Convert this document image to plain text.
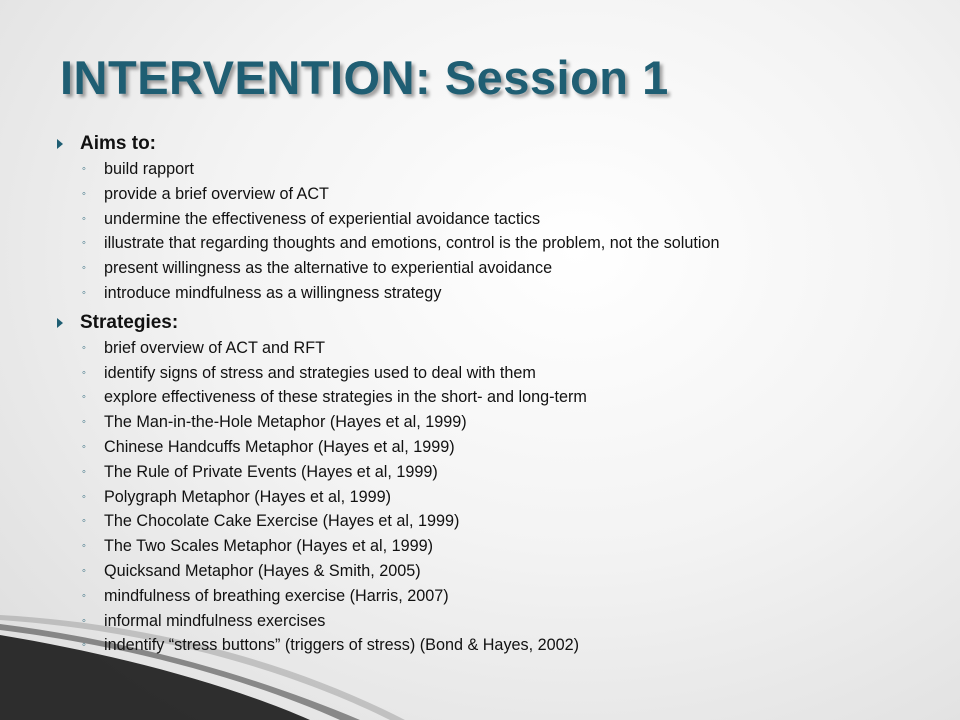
INTERVENTION: Session 1
Aims to:
◦ build rapport
◦ provide a brief overview of ACT
◦ undermine the effectiveness of experiential avoidance tactics
◦ illustrate that regarding thoughts and emotions, control is the problem, not the solution
◦ present willingness as the alternative to experiential avoidance
◦ introduce mindfulness as a willingness strategy
Strategies:
◦ brief overview of ACT and RFT
◦ identify signs of stress and strategies used to deal with them
◦ explore effectiveness of these strategies in the short- and long-term
◦ The Man-in-the-Hole Metaphor (Hayes et al, 1999)
◦ Chinese Handcuffs Metaphor (Hayes et al, 1999)
◦ The Rule of Private Events (Hayes et al, 1999)
◦ Polygraph Metaphor (Hayes et al, 1999)
◦ The Chocolate Cake Exercise (Hayes et al, 1999)
◦ The Two Scales Metaphor (Hayes et al, 1999)
◦ Quicksand Metaphor (Hayes & Smith, 2005)
◦ mindfulness of breathing exercise (Harris, 2007)
◦ informal mindfulness exercises
◦ indentify “stress buttons” (triggers of stress) (Bond & Hayes, 2002)
